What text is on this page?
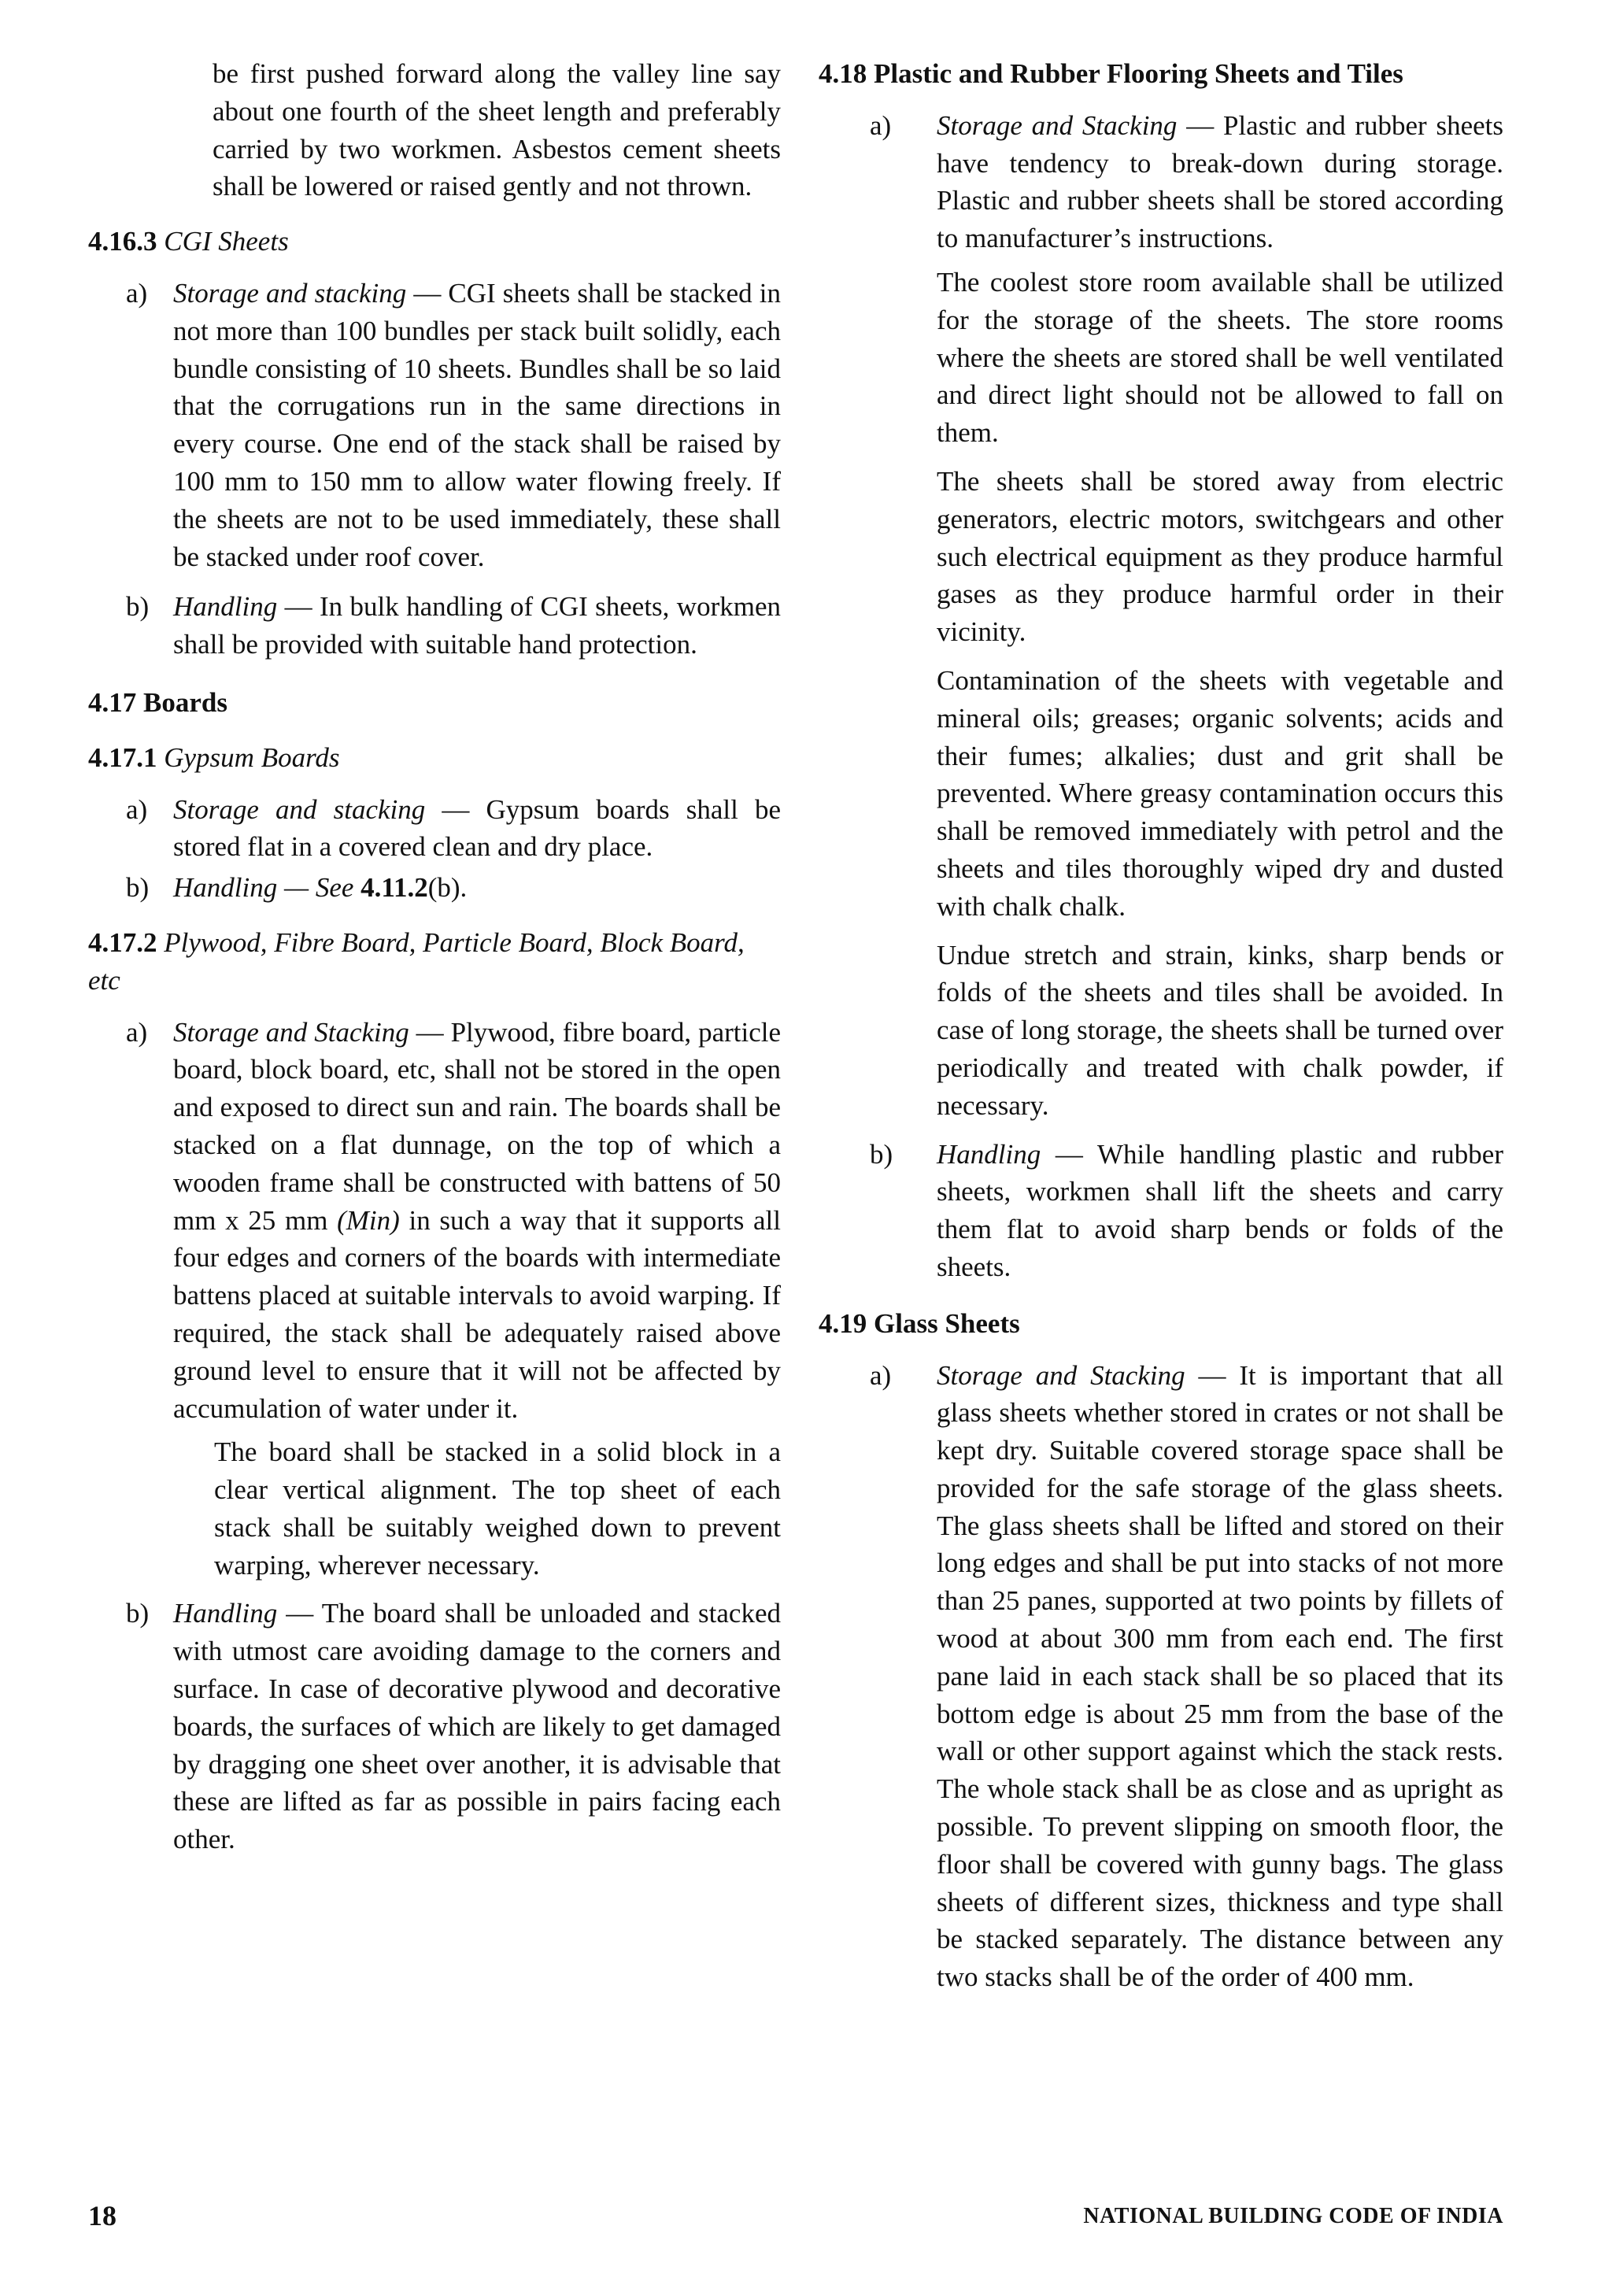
be first pushed forward along the valley line say about one fourth of the sheet length and preferably carried by two workmen. Asbestos cement sheets shall be lowered or raised gently and not thrown.

4.16.3 CGI Sheets

a) Storage and stacking — CGI sheets shall be stacked in not more than 100 bundles per stack built solidly, each bundle consisting of 10 sheets. Bundles shall be so laid that the corrugations run in the same directions in every course. One end of the stack shall be raised by 100 mm to 150 mm to allow water flowing freely. If the sheets are not to be used immediately, these shall be stacked under roof cover.

b) Handling — In bulk handling of CGI sheets, workmen shall be provided with suitable hand protection.

4.17 Boards

4.17.1 Gypsum Boards

a) Storage and stacking — Gypsum boards shall be stored flat in a covered clean and dry place.

b) Handling — See 4.11.2(b).

4.17.2 Plywood, Fibre Board, Particle Board, Block Board, etc

a) Storage and Stacking — Plywood, fibre board, particle board, block board, etc, shall not be stored in the open and exposed to direct sun and rain. The boards shall be stacked on a flat dunnage, on the top of which a wooden frame shall be constructed with battens of 50 mm x 25 mm (Min) in such a way that it supports all four edges and corners of the boards with intermediate battens placed at suitable intervals to avoid warping. If required, the stack shall be adequately raised above ground level to ensure that it will not be affected by accumulation of water under it.

The board shall be stacked in a solid block in a clear vertical alignment. The top sheet of each stack shall be suitably weighed down to prevent warping, wherever necessary.

b) Handling — The board shall be unloaded and stacked with utmost care avoiding damage to the corners and surface. In case of decorative plywood and decorative boards, the surfaces of which are likely to get damaged by dragging one sheet over another, it is advisable that these are lifted as far as possible in pairs facing each other.

4.18 Plastic and Rubber Flooring Sheets and Tiles

a)	Storage and Stacking — Plastic and rubber sheets have tendency to break-down during storage. Plastic and rubber sheets shall be stored according to manufacturer’s instructions.

The coolest store room available shall be utilized for the storage of the sheets. The store rooms where the sheets are stored shall be well ventilated and direct light should not be allowed to fall on them.

The sheets shall be stored away from electric generators, electric motors, switchgears and other such electrical equipment as they produce harmful gases as they produce harmful order in their vicinity.

Contamination of the sheets with vegetable and mineral oils; greases; organic solvents; acids and their fumes; alkalies; dust and grit shall be prevented. Where greasy contamination occurs this shall be removed immediately with petrol and the sheets and tiles thoroughly wiped dry and dusted with chalk chalk.

Undue stretch and strain, kinks, sharp bends or folds of the sheets and tiles shall be avoided. In case of long storage, the sheets shall be turned over periodically and treated with chalk powder, if necessary.

b)	Handling — While handling plastic and rubber sheets, workmen shall lift the sheets and carry them flat to avoid sharp bends or folds of the sheets.

4.19 Glass Sheets

a)	Storage and Stacking — It is important that all glass sheets whether stored in crates or not shall be kept dry. Suitable covered storage space shall be provided for the safe storage of the glass sheets. The glass sheets shall be lifted and stored on their long edges and shall be put into stacks of not more than 25 panes, supported at two points by fillets of wood at about 300 mm from each end. The first pane laid in each stack shall be so placed that its bottom edge is about 25 mm from the base of the wall or other support against which the stack rests. The whole stack shall be as close and as upright as possible. To prevent slipping on smooth floor, the floor shall be covered with gunny bags. The glass sheets of different sizes, thickness and type shall be stacked separately. The distance between any two stacks shall be of the order of 400 mm.

18	NATIONAL BUILDING CODE OF INDIA
